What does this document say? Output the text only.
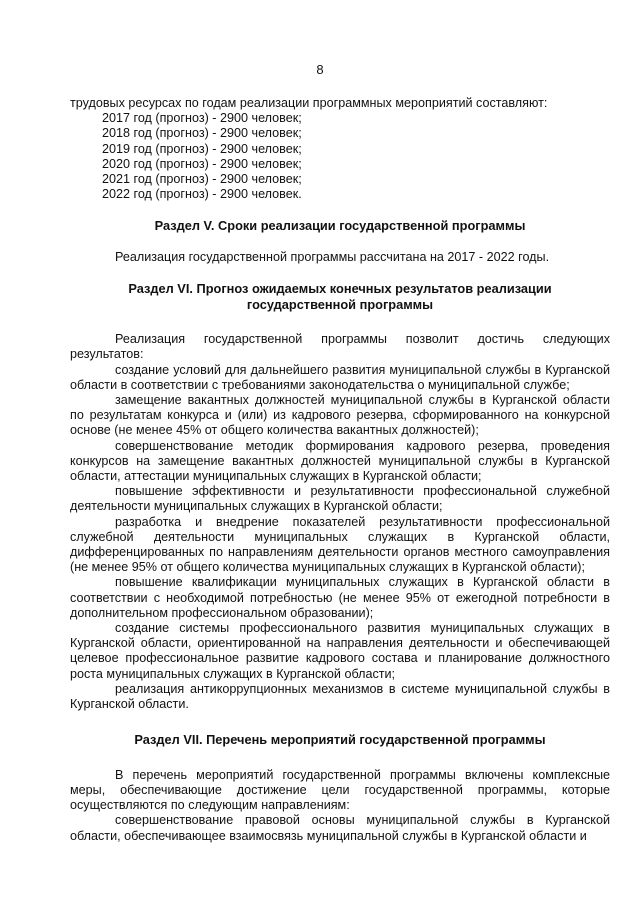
8

трудовых ресурсах по годам реализации программных мероприятий составляют:

2017 год (прогноз) - 2900 человек;

2018 год (прогноз) - 2900 человек;

2019 год (прогноз) - 2900 человек;

2020 год (прогноз) - 2900 человек;

2021 год (прогноз) - 2900 человек;

2022 год (прогноз) - 2900 человек.

Раздел V. Сроки реализации государственной программы

Реализация государственной программы рассчитана на 2017 - 2022 годы.

Раздел VI. Прогноз ожидаемых конечных результатов реализации
государственной программы

Реализация государственной программы позволит достичь следующих результатов:

создание условий для дальнейшего развития муниципальной службы в Курганской области в соответствии с требованиями законодательства о муниципальной службе;

замещение вакантных должностей муниципальной службы в Курганской области по результатам конкурса и (или) из кадрового резерва, сформированного на конкурсной основе (не менее 45% от общего количества вакантных должностей);

совершенствование методик формирования кадрового резерва, проведения конкурсов на замещение вакантных должностей муниципальной службы в Курганской области, аттестации муниципальных служащих в Курганской области;

повышение эффективности и результативности профессиональной служебной деятельности муниципальных служащих в Курганской области;

разработка и внедрение показателей результативности профессиональной служебной деятельности муниципальных служащих в Курганской области, дифференцированных по направлениям деятельности органов местного самоуправления (не менее 95% от общего количества муниципальных служащих в Курганской области);

повышение квалификации муниципальных служащих в Курганской области в соответствии с необходимой потребностью (не менее 95% от ежегодной потребности в дополнительном профессиональном образовании);

создание системы профессионального развития муниципальных служащих в Курганской области, ориентированной на направления деятельности и обеспечивающей целевое профессиональное развитие кадрового состава и планирование должностного роста муниципальных служащих в Курганской области;

реализация антикоррупционных механизмов в системе муниципальной службы в Курганской области.

Раздел VII. Перечень мероприятий государственной программы

В перечень мероприятий государственной программы включены комплексные меры, обеспечивающие достижение цели государственной программы, которые осуществляются по следующим направлениям:

совершенствование правовой основы муниципальной службы в Курганской области, обеспечивающее взаимосвязь муниципальной службы в Курганской области и
